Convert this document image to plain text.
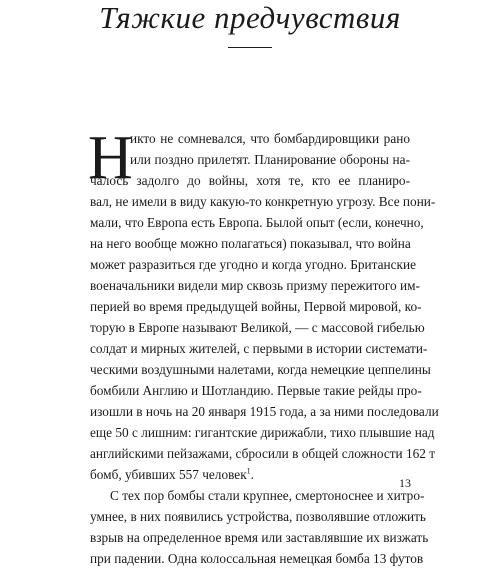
Тяжкие предчувствия
Н
икто не сомневался, что бомбардировщики рано
или поздно прилетят. Планирование обороны на-
чалось задолго до войны, хотя те, кто ее планиро-
вал, не имели в виду какую-то конкретную угрозу. Все пони-
мали, что Европа есть Европа. Былой опыт (если, конечно,
на него вообще можно полагаться) показывал, что война
может разразиться где угодно и когда угодно. Британские
военачальники видели мир сквозь призму пережитого им-
перией во время предыдущей войны, Первой мировой, ко-
торую в Европе называют Великой, — с массовой гибелью
солдат и мирных жителей, с первыми в истории системати-
ческими воздушными налетами, когда немецкие цеппелины
бомбили Англию и Шотландию. Первые такие рейды про-
изошли в ночь на 20 января 1915 года, а за ними последовали
еще 50 с лишним: гигантские дирижабли, тихо плывшие над
английскими пейзажами, сбросили в общей сложности 162 т
бомб, убивших 557 человек$^1$.
С тех пор бомбы стали крупнее, смертоноснее и хитро-
умнее, в них появились устройства, позволявшие отложить
взрыв на определенное время или заставлявшие их визжать
при падении. Одна колоссальная немецкая бомба 13 футов
13
